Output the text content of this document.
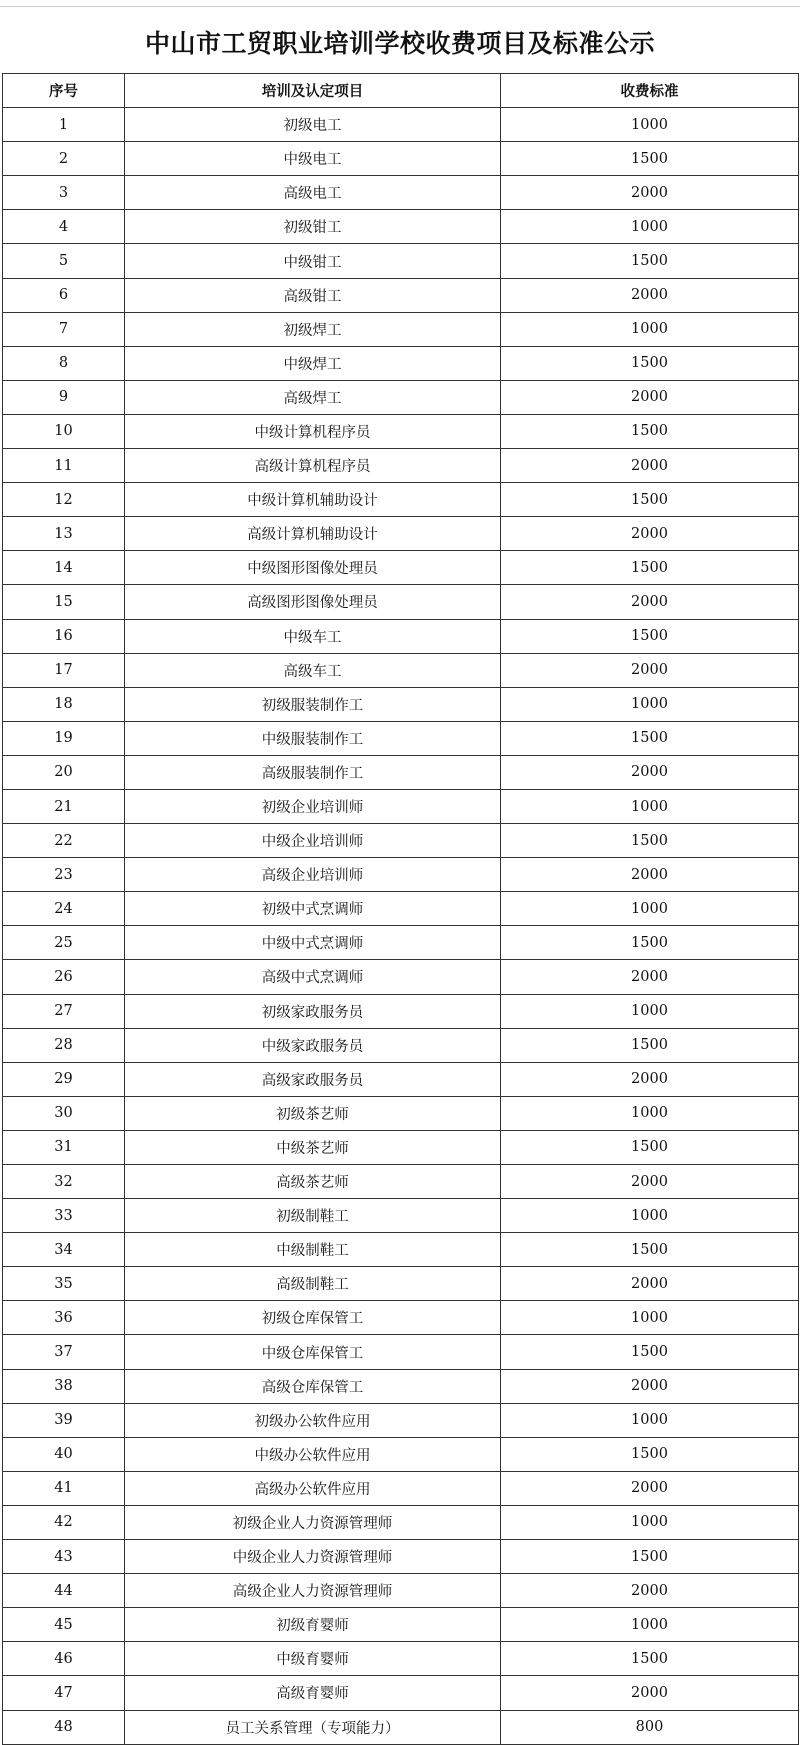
中山市工贸职业培训学校收费项目及标准公示
序号	培训及认定项目	收费标准
1	初级电工	1000
2	中级电工	1500
3	高级电工	2000
4	初级钳工	1000
5	中级钳工	1500
6	高级钳工	2000
7	初级焊工	1000
8	中级焊工	1500
9	高级焊工	2000
10	中级计算机程序员	1500
11	高级计算机程序员	2000
12	中级计算机辅助设计	1500
13	高级计算机辅助设计	2000
14	中级图形图像处理员	1500
15	高级图形图像处理员	2000
16	中级车工	1500
17	高级车工	2000
18	初级服装制作工	1000
19	中级服装制作工	1500
20	高级服装制作工	2000
21	初级企业培训师	1000
22	中级企业培训师	1500
23	高级企业培训师	2000
24	初级中式烹调师	1000
25	中级中式烹调师	1500
26	高级中式烹调师	2000
27	初级家政服务员	1000
28	中级家政服务员	1500
29	高级家政服务员	2000
30	初级茶艺师	1000
31	中级茶艺师	1500
32	高级茶艺师	2000
33	初级制鞋工	1000
34	中级制鞋工	1500
35	高级制鞋工	2000
36	初级仓库保管工	1000
37	中级仓库保管工	1500
38	高级仓库保管工	2000
39	初级办公软件应用	1000
40	中级办公软件应用	1500
41	高级办公软件应用	2000
42	初级企业人力资源管理师	1000
43	中级企业人力资源管理师	1500
44	高级企业人力资源管理师	2000
45	初级育婴师	1000
46	中级育婴师	1500
47	高级育婴师	2000
48	员工关系管理（专项能力）	800
